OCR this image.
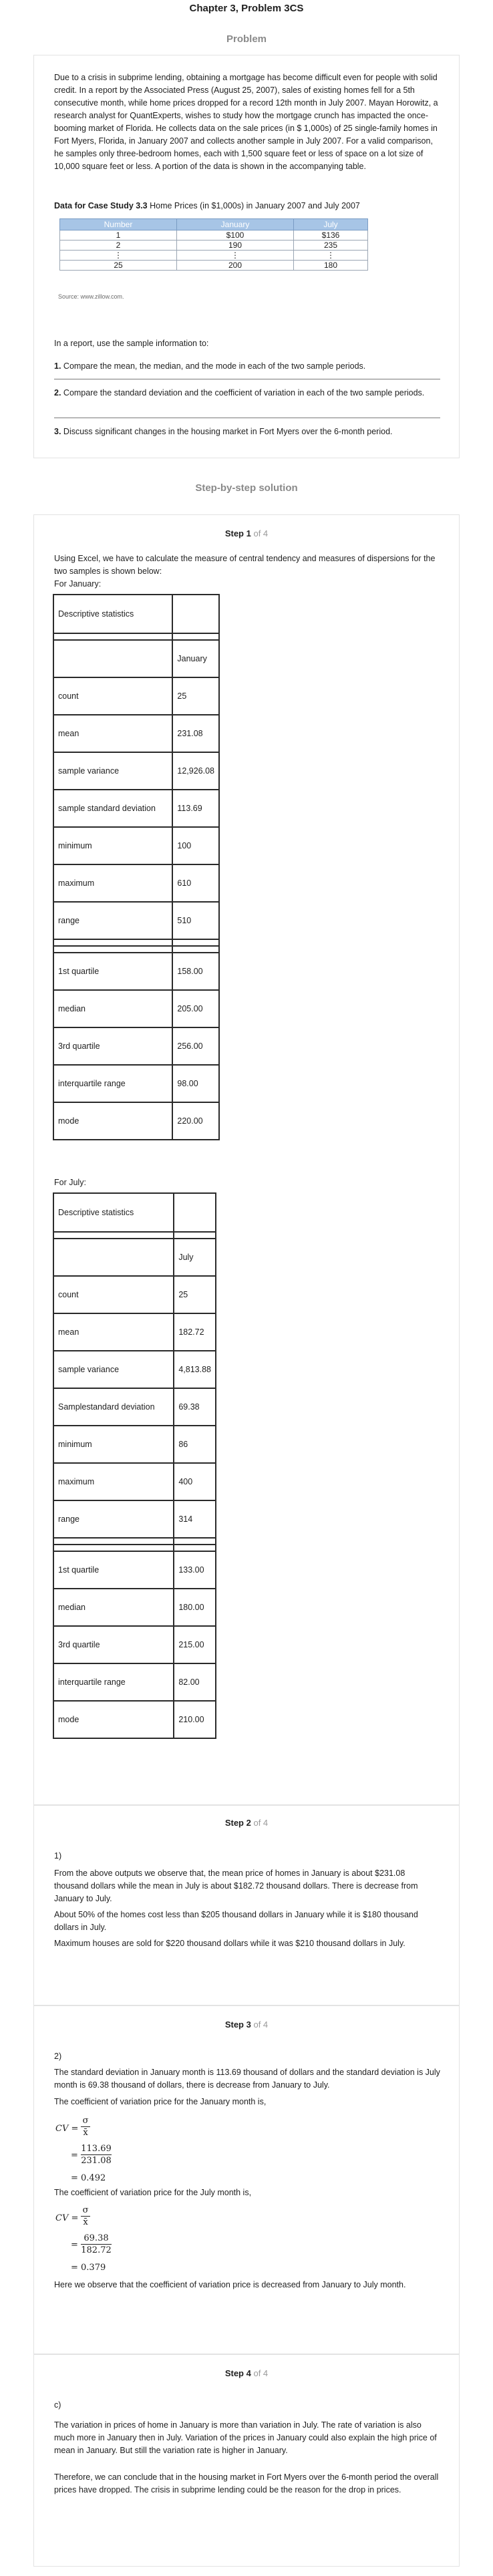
Chapter 3, Problem 3CS
Problem
Due to a crisis in subprime lending, obtaining a mortgage has become difficult even for people with solid credit. In a report by the Associated Press (August 25, 2007), sales of existing homes fell for a 5th consecutive month, while home prices dropped for a record 12th month in July 2007. Mayan Horowitz, a research analyst for QuantExperts, wishes to study how the mortgage crunch has impacted the once-booming market of Florida. He collects data on the sale prices (in $ 1,000s) of 25 single-family homes in Fort Myers, Florida, in January 2007 and collects another sample in July 2007. For a valid comparison, he samples only three-bedroom homes, each with 1,500 square feet or less of space on a lot size of 10,000 square feet or less. A portion of the data is shown in the accompanying table.
Data for Case Study 3.3 Home Prices (in $1,000s) in January 2007 and July 2007
Number	January	July
1	$100	$136
2	190	235
⋮	⋮	⋮
25	200	180
Source: www.zillow.com.
In a report, use the sample information to:
1. Compare the mean, the median, and the mode in each of the two sample periods.
2. Compare the standard deviation and the coefficient of variation in each of the two sample periods.
3. Discuss significant changes in the housing market in Fort Myers over the 6-month period.
Step-by-step solution
Step 1 of 4
Using Excel, we have to calculate the measure of central tendency and measures of dispersions for the two samples is shown below:
For January:
Descriptive statistics	

	January
count	25
mean	231.08
sample variance	12,926.08
sample standard deviation	113.69
minimum	100
maximum	610
range	510

1st quartile	158.00
median	205.00
3rd quartile	256.00
interquartile range	98.00
mode	220.00
For July:
Descriptive statistics	

	July
count	25
mean	182.72
sample variance	4,813.88
Samplestandard deviation	69.38
minimum	86
maximum	400
range	314

1st quartile	133.00
median	180.00
3rd quartile	215.00
interquartile range	82.00
mode	210.00
Step 2 of 4
1)
From the above outputs we observe that, the mean price of homes in January is about $231.08 thousand dollars while the mean in July is about $182.72 thousand dollars. There is decrease from January to July.
About 50% of the homes cost less than $205 thousand dollars in January while it is $180 thousand dollars in July.
Maximum houses are sold for $220 thousand dollars while it was $210 thousand dollars in July.
Step 3 of 4
2)
The standard deviation in January month is 113.69 thousand of dollars and the standard deviation is July month is 69.38 thousand of dollars, there is decrease from January to July.
The coefficient of variation price for the January month is,
CV =
σ
x̄
=
113.69
231.08
= 0.492
The coefficient of variation price for the July month is,
CV =
σ
x̄
=
69.38
182.72
= 0.379
Here we observe that the coefficient of variation price is decreased from January to July month.
Step 4 of 4
c)
The variation in prices of home in January is more than variation in July. The rate of variation is also much more in January then in July. Variation of the prices in January could also explain the high price of mean in January. But still the variation rate is higher in January.
Therefore, we can conclude that in the housing market in Fort Myers over the 6-month period the overall prices have dropped. The crisis in subprime lending could be the reason for the drop in prices.
